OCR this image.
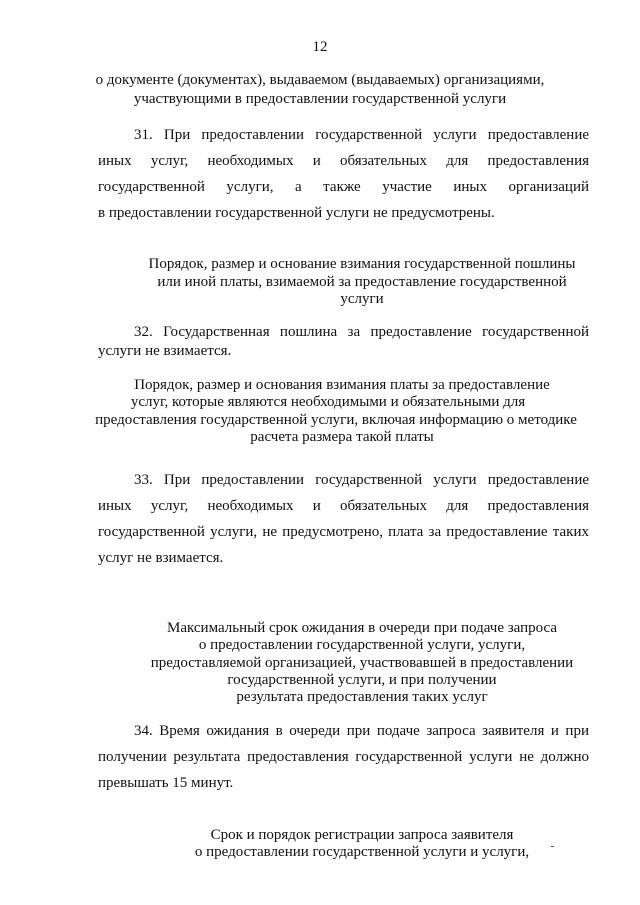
12
о документе (документах), выдаваемом (выдаваемых) организациями,
участвующими в предоставлении государственной услуги
31. При предоставлении государственной услуги предоставление
иных услуг, необходимых и обязательных для предоставления
государственной услуги, а также участие иных организаций
в предоставлении государственной услуги не предусмотрены.
Порядок, размер и основание взимания государственной пошлины
или иной платы, взимаемой за предоставление государственной
услуги
32. Государственная пошлина за предоставление государственной
услуги не взимается.
Порядок, размер и основания взимания платы за предоставление
услуг, которые являются необходимыми и обязательными для
предоставления государственной услуги, включая информацию о методике
расчета размера такой платы
33. При предоставлении государственной услуги предоставление
иных услуг, необходимых и обязательных для предоставления
государственной услуги, не предусмотрено, плата за предоставление таких
услуг не взимается.
Максимальный срок ожидания в очереди при подаче запроса
о предоставлении государственной услуги, услуги,
предоставляемой организацией, участвовавшей в предоставлении
государственной услуги, и при получении
результата предоставления таких услуг
34. Время ожидания в очереди при подаче запроса заявителя и при
получении результата предоставления государственной услуги не должно
превышать 15 минут.
Срок и порядок регистрации запроса заявителя
о предоставлении государственной услуги и услуги,
